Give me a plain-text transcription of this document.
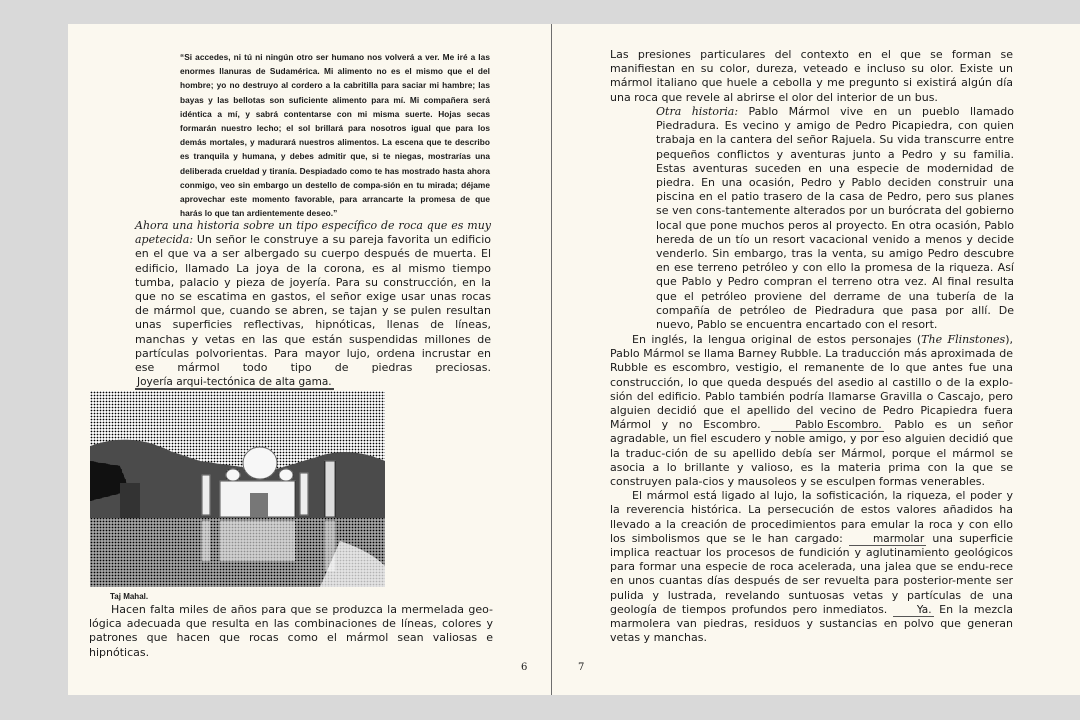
“Si accedes, ni tú ni ningún otro ser humano nos volverá a ver. Me iré a las enormes llanuras de Sudamérica. Mi alimento no es el mismo que el del hombre; yo no destruyo al cordero a la cabritilla para saciar mi hambre; las bayas y las bellotas son suficiente alimento para mí. Mi compañera será idéntica a mí, y sabrá contentarse con mi misma suerte. Hojas secas formarán nuestro lecho; el sol brillará para nosotros igual que para los demás mortales, y madurará nuestros alimentos. La escena que te describo es tranquila y humana, y debes admitir que, si te niegas, mostrarías una deliberada crueldad y tiranía. Despiadado como te has mostrado hasta ahora conmigo, veo sin embargo un destello de compa-sión en tu mirada; déjame aprovechar este momento favorable, para arrancarte la promesa de que harás lo que tan ardientemente deseo.”

Ahora una historia sobre un tipo específico de roca que es muy apetecida: Un señor le construye a su pareja favorita un edificio en el que va a ser albergado su cuerpo después de muerta. El edificio, llamado La joya de la corona, es al mismo tiempo tumba, palacio y pieza de joyería. Para su construcción, en la que no se escatima en gastos, el señor exige usar unas rocas de mármol que, cuando se abren, se tajan y se pulen resultan unas superficies reflectivas, hipnóticas, llenas de líneas, manchas y vetas en las que están suspendidas millones de partículas polvorientas. Para mayor lujo, ordena incrustar en ese mármol todo tipo de piedras preciosas. Joyería arqui-tectónica de alta gama.
Taj Mahal.

Hacen falta miles de años para que se produzca la mermelada geo-lógica adecuada que resulta en las combinaciones de líneas, colores y patrones que hacen que rocas como el mármol sean valiosas e hipnóticas.

6

Las presiones particulares del contexto en el que se forman se manifiestan en su color, dureza, veteado e incluso su olor. Existe un mármol italiano que huele a cebolla y me pregunto si existirá algún día una roca que revele al abrirse el olor del interior de un bus.

Otra historia: Pablo Mármol vive en un pueblo llamado Piedradura. Es vecino y amigo de Pedro Picapiedra, con quien trabaja en la cantera del señor Rajuela. Su vida transcurre entre pequeños conflictos y aventuras junto a Pedro y su familia. Estas aventuras suceden en una especie de modernidad de piedra. En una ocasión, Pedro y Pablo deciden construir una piscina en el patio trasero de la casa de Pedro, pero sus planes se ven cons-tantemente alterados por un burócrata del gobierno local que pone muchos peros al proyecto. En otra ocasión, Pablo hereda de un tío un resort vacacional venido a menos y decide venderlo. Sin embargo, tras la venta, su amigo Pedro descubre en ese terreno petróleo y con ello la promesa de la riqueza. Así que Pablo y Pedro compran el terreno otra vez. Al final resulta que el petróleo proviene del derrame de una tubería de la compañía de petróleo de Piedradura que pasa por allí. De nuevo, Pablo se encuentra encartado con el resort.

En inglés, la lengua original de estos personajes (The Flinstones), Pablo Mármol se llama Barney Rubble. La traducción más aproximada de Rubble es escombro, vestigio, el remanente de lo que antes fue una construcción, lo que queda después del asedio al castillo o de la explo-sión del edificio. Pablo también podría llamarse Gravilla o Cascajo, pero alguien decidió que el apellido del vecino de Pedro Picapiedra fuera Mármol y no Escombro. Pablo Escombro. Pablo es un señor agradable, un fiel escudero y noble amigo, y por eso alguien decidió que la traduc-ción de su apellido debía ser Mármol, porque el mármol se asocia a lo brillante y valioso, es la materia prima con la que se construyen pala-cios y mausoleos y se esculpen formas venerables.

El mármol está ligado al lujo, la sofisticación, la riqueza, el poder y la reverencia histórica. La persecución de estos valores añadidos ha llevado a la creación de procedimientos para emular la roca y con ello los simbolismos que se le han cargado: marmolar una superficie implica reactuar los procesos de fundición y aglutinamiento geológicos para formar una especie de roca acelerada, una jalea que se endu-rece en unos cuantas días después de ser revuelta para posterior-mente ser pulida y lustrada, revelando suntuosas vetas y partículas de una geología de tiempos profundos pero inmediatos. Ya. En la mezcla marmolera van piedras, residuos y sustancias en polvo que generan vetas y manchas.

7
